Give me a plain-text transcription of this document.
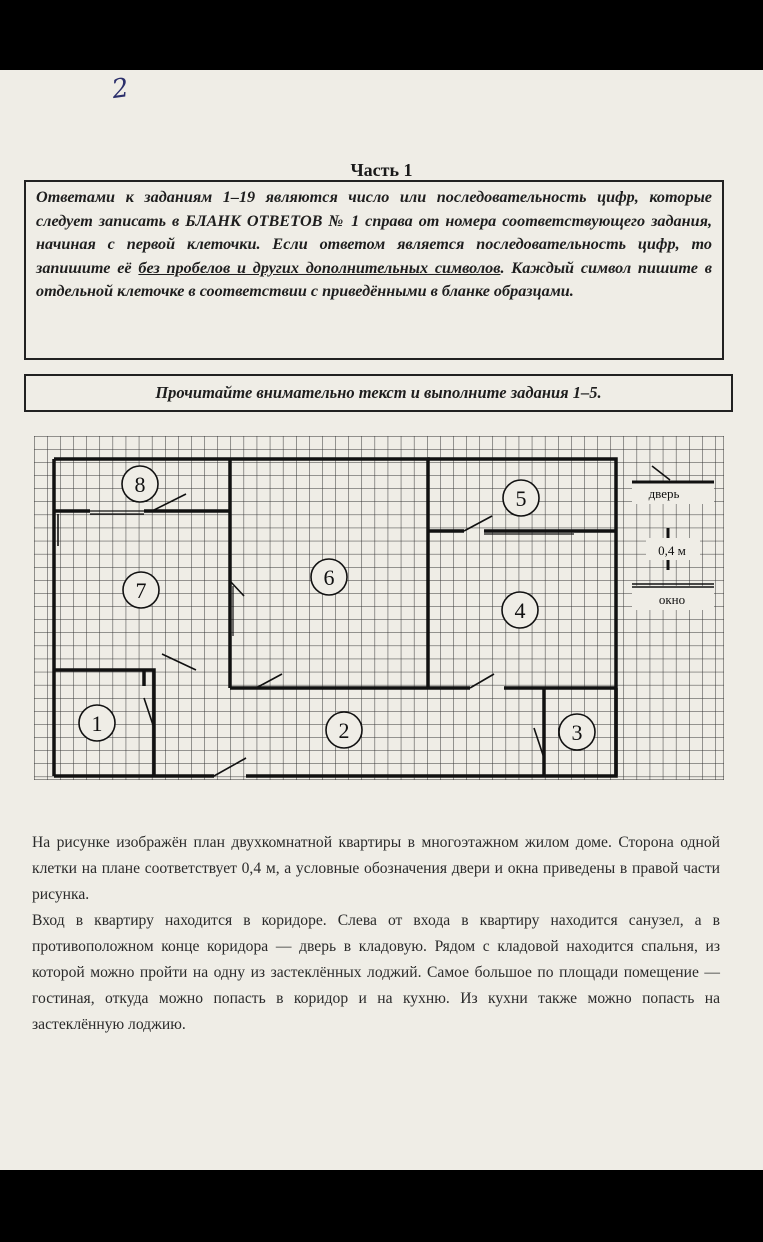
2
Часть 1
Ответами к заданиям 1–19 являются число или последовательность цифр, которые следует записать в БЛАНК ОТВЕТОВ № 1 справа от номера соответствующего задания, начиная с первой клеточки. Если ответом является последовательность цифр, то запишите её без пробелов и других дополнительных символов. Каждый символ пишите в отдельной клеточке в соответствии с приведёнными в бланке образцами.
Прочитайте внимательно текст и выполните задания 1–5.
1	2	3
4
5
6
7
8	дверь
0,4 м
окно

На рисунке изображён план двухкомнатной квартиры в многоэтажном жилом доме. Сторона одной клетки на плане соответствует 0,4 м, а условные обозначения двери и окна приведены в правой части рисунка.

Вход в квартиру находится в коридоре. Слева от входа в квартиру находится санузел, а в противоположном конце коридора — дверь в кладовую. Рядом с кладовой находится спальня, из которой можно пройти на одну из застеклённых лоджий. Самое большое по площади помещение — гостиная, откуда можно попасть в коридор и на кухню. Из кухни также можно попасть на застеклённую лоджию.
